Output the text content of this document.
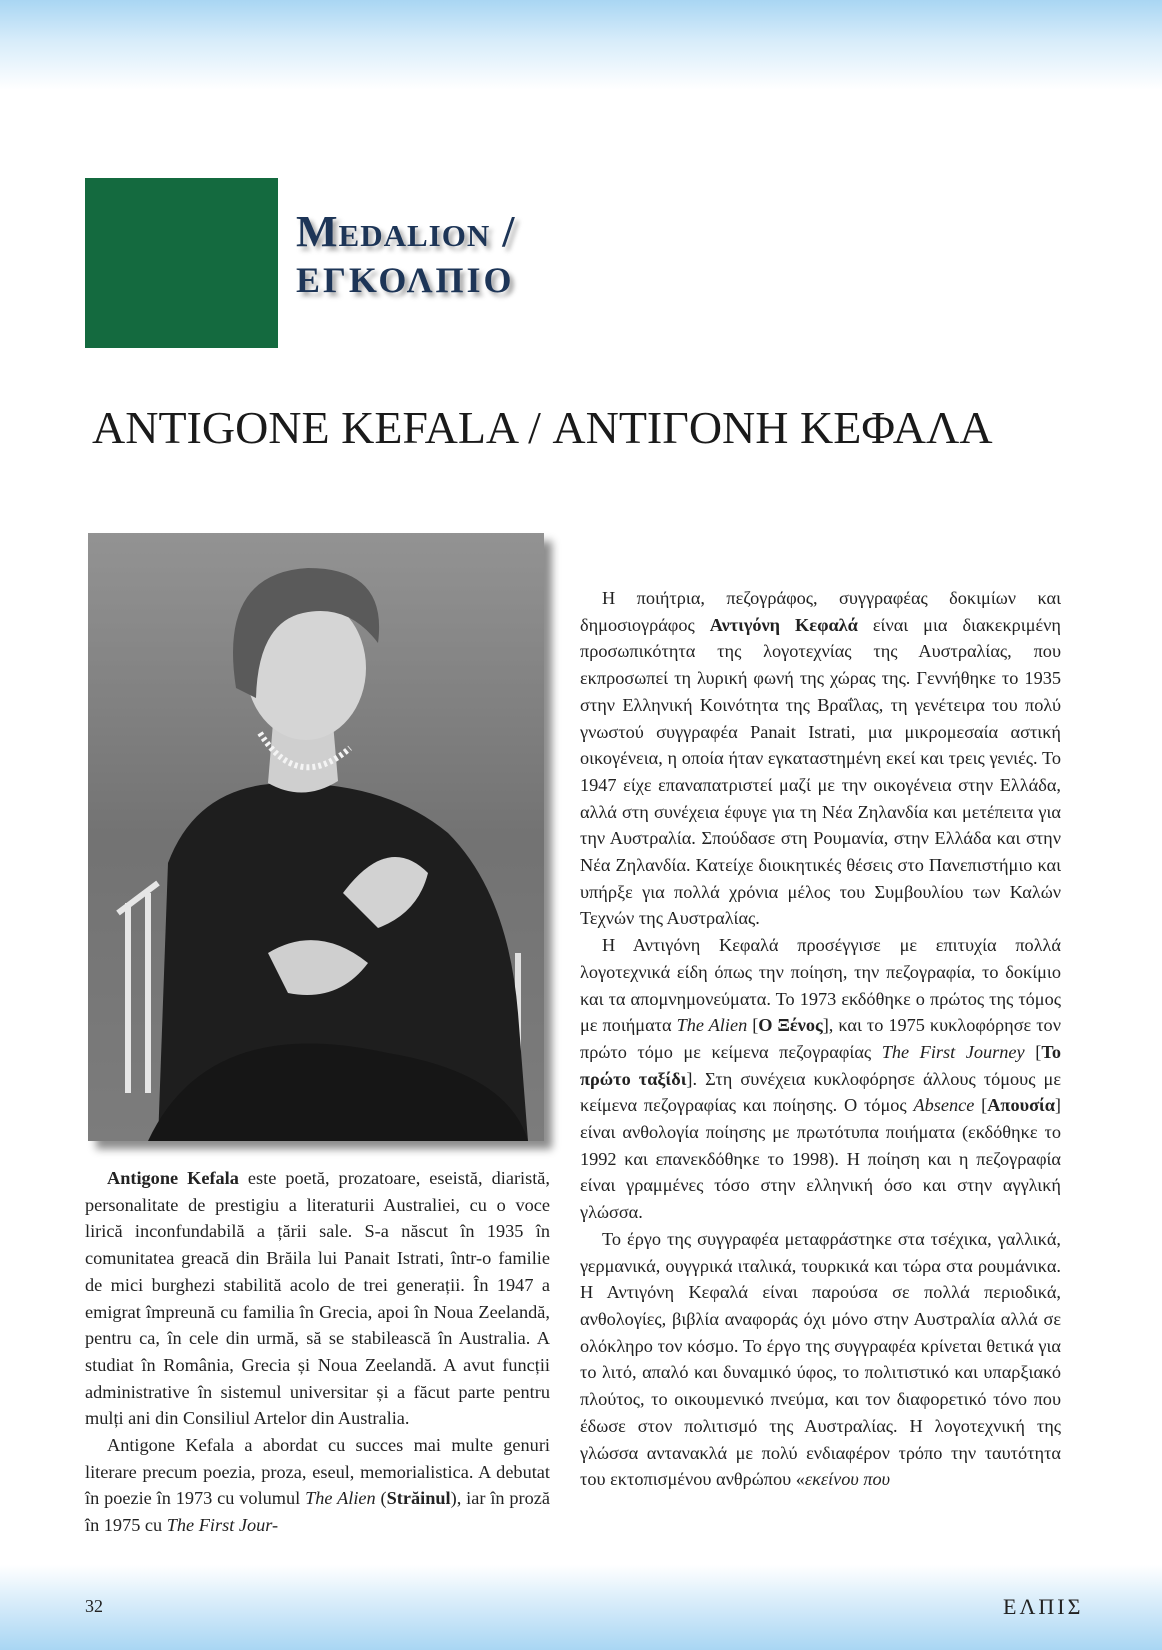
Medalion /
ΕΓΚΟΛΠΙΟ
ANTIGONE KEFALA / ΑΝΤΙΓΟΝΗ ΚΕΦΑΛΑ

Antigone Kefala este poetă, prozatoare, eseistă, diaristă, personalitate de prestigiu a literaturii Australiei, cu o voce lirică inconfundabilă a țării sale. S-a născut în 1935 în comunitatea greacă din Brăila lui Panait Istrati, într-o familie de mici burghezi stabilită acolo de trei generații. În 1947 a emigrat împreună cu familia în Grecia, apoi în Noua Zeelandă, pentru ca, în cele din urmă, să se stabilească în Australia. A studiat în România, Grecia și Noua Zeelandă. A avut funcții administrative în sistemul universitar și a făcut parte pentru mulți ani din Consiliul Artelor din Australia.

Antigone Kefala a abordat cu succes mai multe genuri literare precum poezia, proza, eseul, memorialistica. A debutat în poezie în 1973 cu volumul The Alien (Străinul), iar în proză în 1975 cu The First Jour-

Η ποιήτρια, πεζογράφος, συγγραφέας δοκιμίων και δημοσιογράφος Αντιγόνη Κεφαλά είναι μια διακεκριμένη προσωπικότητα της λογοτεχνίας της Αυστραλίας, που εκπροσωπεί τη λυρική φωνή της χώρας της. Γεννήθηκε το 1935 στην Ελληνική Κοινότητα της Βραΐλας, τη γενέτειρα του πολύ γνωστού συγγραφέα Panait Istrati, μια μικρομεσαία αστική οικογένεια, η οποία ήταν εγκαταστημένη εκεί και τρεις γενιές. Το 1947 είχε επαναπατριστεί μαζί με την οικογένεια στην Ελλάδα, αλλά στη συνέχεια έφυγε για τη Νέα Ζηλανδία και μετέπειτα για την Αυστραλία. Σπούδασε στη Ρουμανία, στην Ελλάδα και στην Νέα Ζηλανδία. Κατείχε διοικητικές θέσεις στο Πανεπιστήμιο και υπήρξε για πολλά χρόνια μέλος του Συμβουλίου των Καλών Τεχνών της Αυστραλίας.

Η Αντιγόνη Κεφαλά προσέγγισε με επιτυχία πολλά λογοτεχνικά είδη όπως την ποίηση, την πεζογραφία, το δοκίμιο και τα απομνημονεύματα. Το 1973 εκδόθηκε ο πρώτος της τόμος με ποιήματα The Alien [Ο Ξένος], και το 1975 κυκλοφόρησε τον πρώτο τόμο με κείμενα πεζογραφίας The First Journey [Το πρώτο ταξίδι]. Στη συνέχεια κυκλοφόρησε άλλους τόμους με κείμενα πεζογραφίας και ποίησης. Ο τόμος Absence [Απουσία] είναι ανθολογία ποίησης με πρωτότυπα ποιήματα (εκδόθηκε το 1992 και επανεκδόθηκε το 1998). Η ποίηση και η πεζογραφία είναι γραμμένες τόσο στην ελληνική όσο και στην αγγλική γλώσσα.

Το έργο της συγγραφέα μεταφράστηκε στα τσέχικα, γαλλικά, γερμανικά, ουγγρικά ιταλικά, τουρκικά και τώρα στα ρουμάνικα. Η Αντιγόνη Κεφαλά είναι παρούσα σε πολλά περιοδικά, ανθολογίες, βιβλία αναφοράς όχι μόνο στην Αυστραλία αλλά σε ολόκληρο τον κόσμο. Το έργο της συγγραφέα κρίνεται θετικά για το λιτό, απαλό και δυναμικό ύφος, το πολιτιστικό και υπαρξιακό πλούτος, το οικουμενικό πνεύμα, και τον διαφορετικό τόνο που έδωσε στον πολιτισμό της Αυστραλίας. Η λογοτεχνική της γλώσσα αντανακλά με πολύ ενδιαφέρον τρόπο την ταυτότητα του εκτοπισμένου ανθρώπου «εκείνου που

32	ΕΛΠΙΣ
